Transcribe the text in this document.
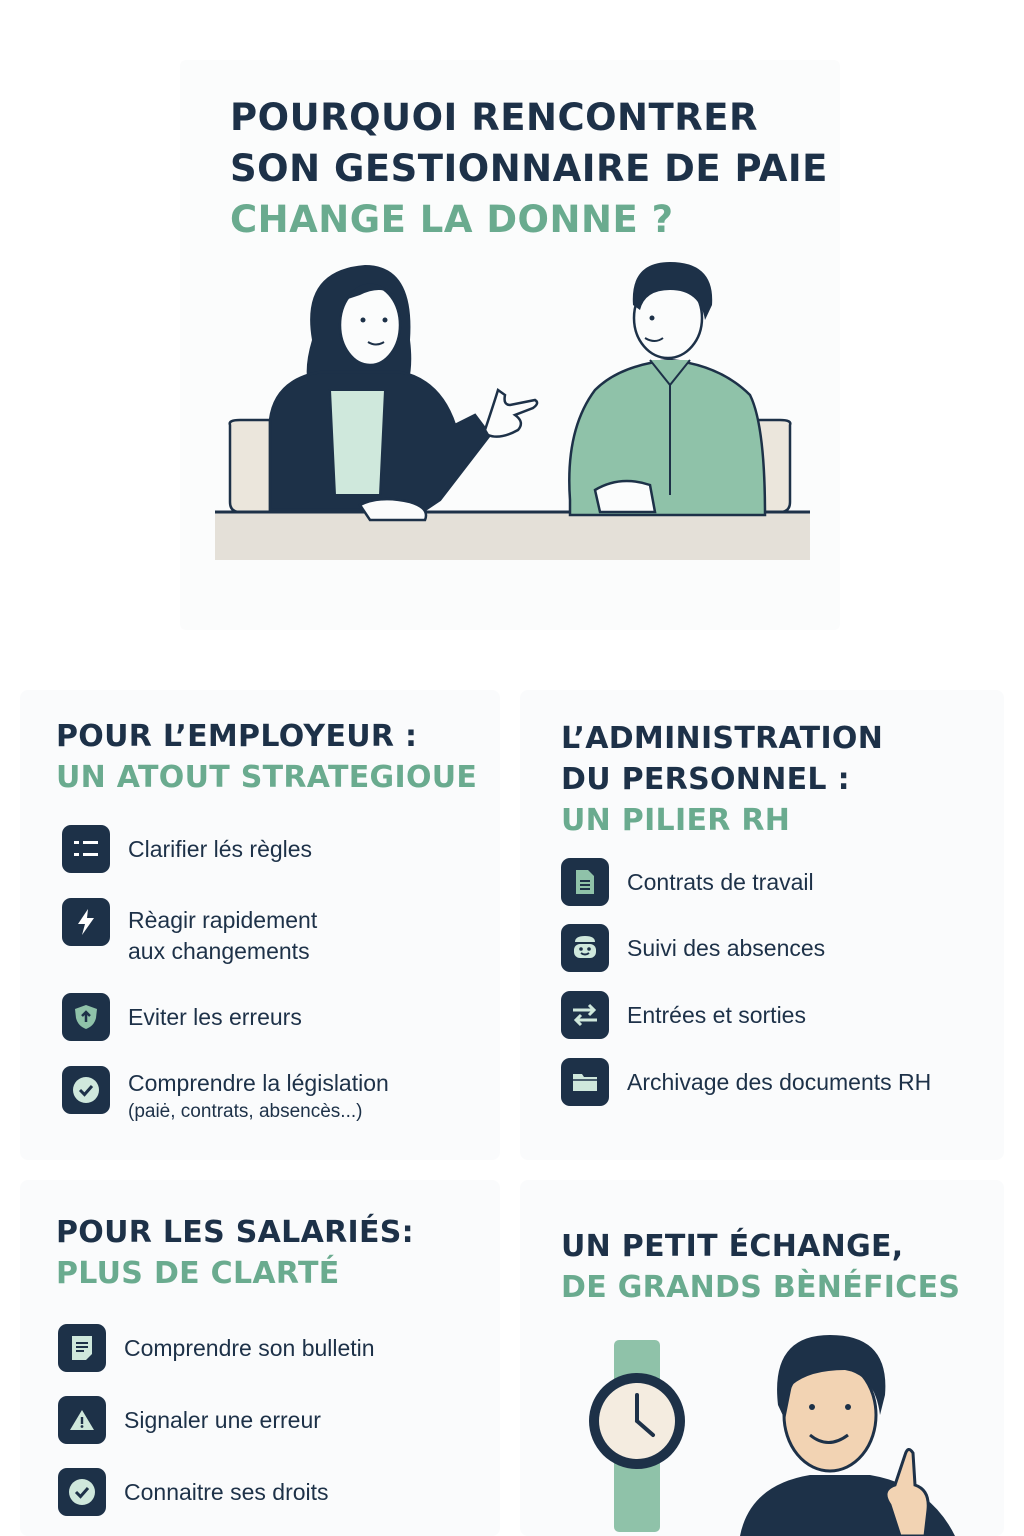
POURQUOI RENCONTRER
SON GESTIONNAIRE DE PAIE
CHANGE LA DONNE ?
POUR L’EMPLOYEUR :
UN ATOUT STRATEGIOUE
Clarifier lés règles
Rèagir rapidement
aux changements
Eviter les erreurs
Comprendre la législation
(paiė, contrats, absencès...)
L’ADMINISTRATION
DU PERSONNEL :
UN PILIER RH
Contrats de travail
Suivi des absences
Entrées et sorties
Archivage des documents RH
POUR LES SALARIÉS:
PLUS DE CLARTÉ
Comprendre son bulletin
Signaler une erreur
Connaitre ses droits
UN PETIT ÉCHANGE,
DE GRANDS BÈNÉFICES
